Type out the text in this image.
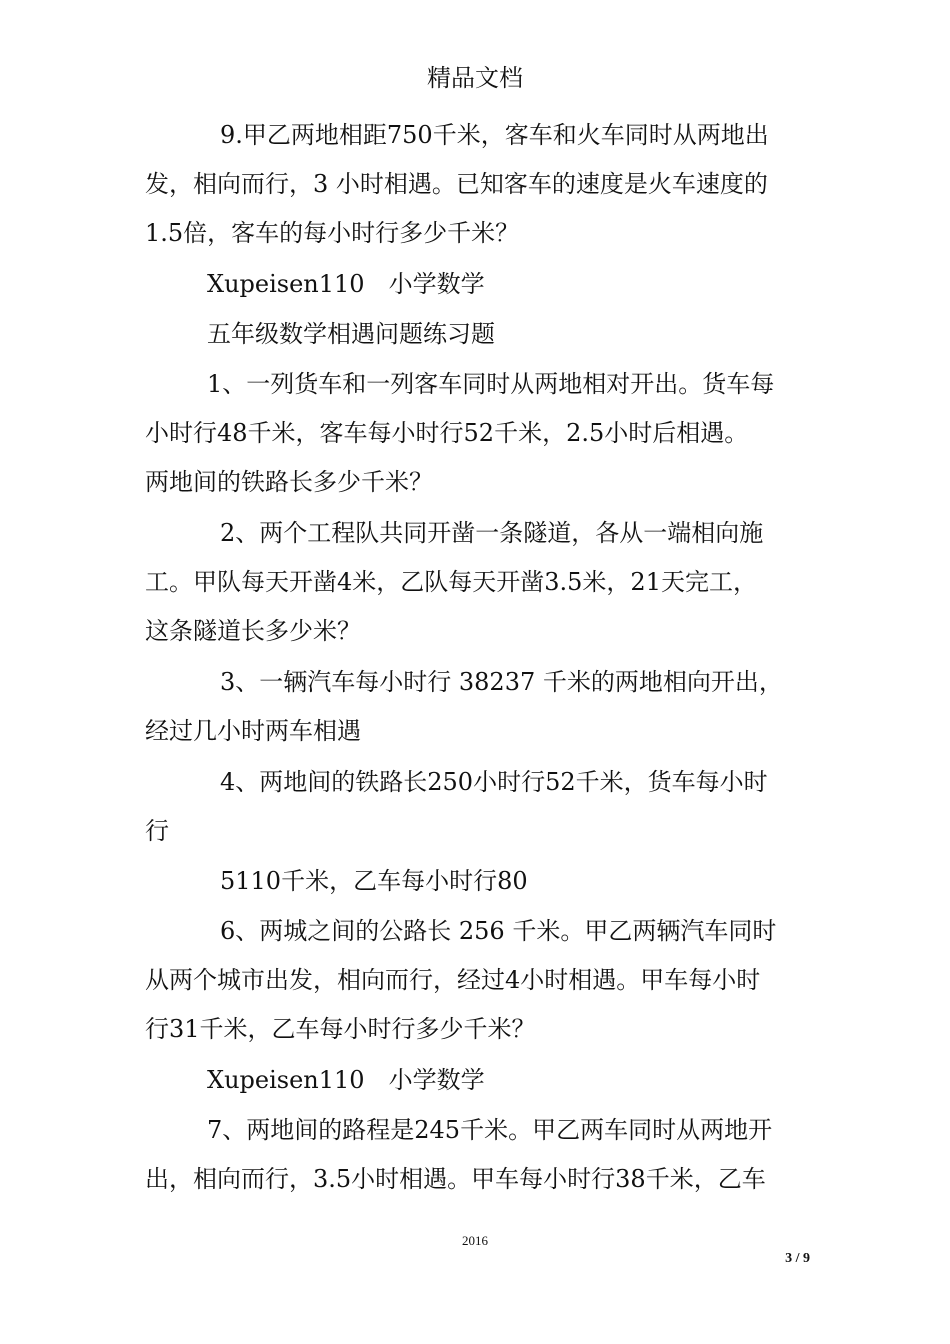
精品文档
9.甲乙两地相距750千米，客车和火车同时从两地出
发，相向而行，3 小时相遇。已知客车的速度是火车速度的
1.5倍，客车的每小时行多少千米？
Xupeisen110　小学数学
五年级数学相遇问题练习题
1、一列货车和一列客车同时从两地相对开出。货车每
小时行48千米，客车每小时行52千米，2.5小时后相遇。
两地间的铁路长多少千米？
2、两个工程队共同开凿一条隧道，各从一端相向施
工。甲队每天开凿4米，乙队每天开凿3.5米，21天完工，
这条隧道长多少米？
3、一辆汽车每小时行 38237 千米的两地相向开出，
经过几小时两车相遇
4、两地间的铁路长250小时行52千米，货车每小时
行
5110千米，乙车每小时行80
6、两城之间的公路长 256 千米。甲乙两辆汽车同时
从两个城市出发，相向而行，经过4小时相遇。甲车每小时
行31千米，乙车每小时行多少千米？
Xupeisen110　小学数学
7、两地间的路程是245千米。甲乙两车同时从两地开
出，相向而行，3.5小时相遇。甲车每小时行38千米，乙车
2016
3 / 9
